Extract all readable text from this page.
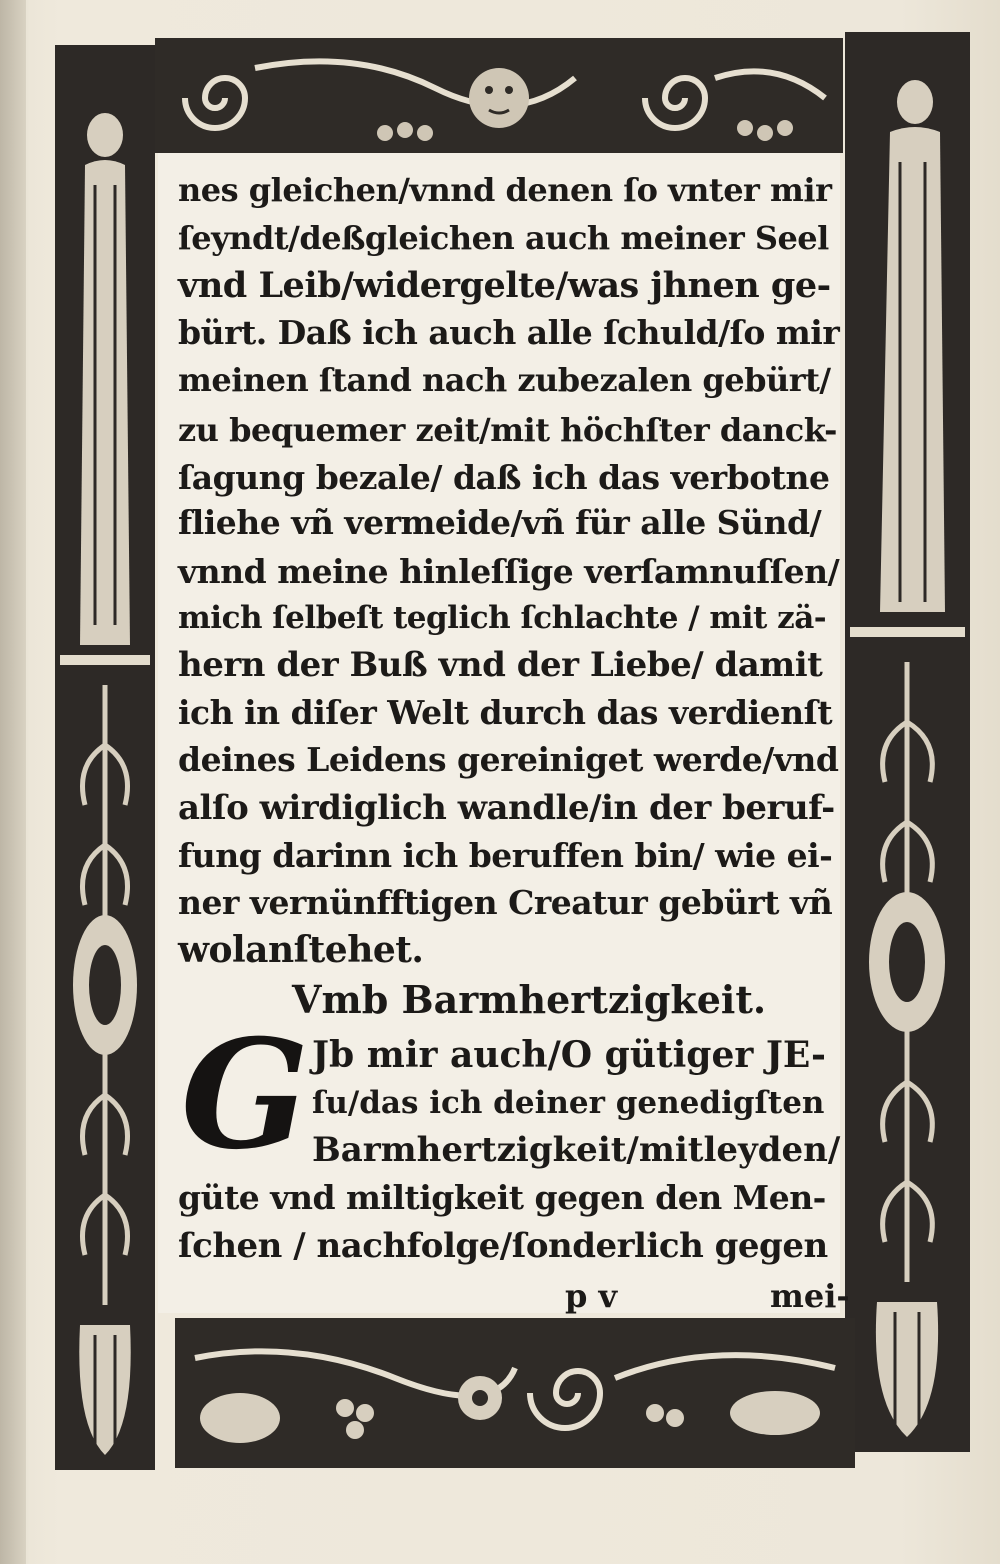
nes gleichen/vnnd denen ſo vnter mir
ſeyndt/deßgleichen auch meiner Seel
vnd Leib/widergelte/was jhnen ge-
bürt. Daß ich auch alle ſchuld/ſo mir
meinen ſtand nach zubezalen gebürt/
zu bequemer zeit/mit höchſter danck-
ſagung bezale/ daß ich das verbotne
fliehe vñ vermeide/vñ für alle Sünd/
vnnd meine hinleſſige verſamnuſſen/
mich ſelbeſt teglich ſchlachte / mit zä-
hern der Buß vnd der Liebe/ damit
ich in diſer Welt durch das verdienſt
deines Leidens gereiniget werde/vnd
alſo wirdiglich wandle/in der beruf-
fung darinn ich beruffen bin/ wie ei-
ner vernünfftigen Creatur gebürt vñ
wolanſtehet.
Vmb Barmhertzigkeit.
G Jb mir auch/O gütiger JE-
ſu/das ich deiner genedigſten
Barmhertzigkeit/mitleyden/
güte vnd miltigkeit gegen den Men-
ſchen / nachfolge/ſonderlich gegen
p v	mei-
